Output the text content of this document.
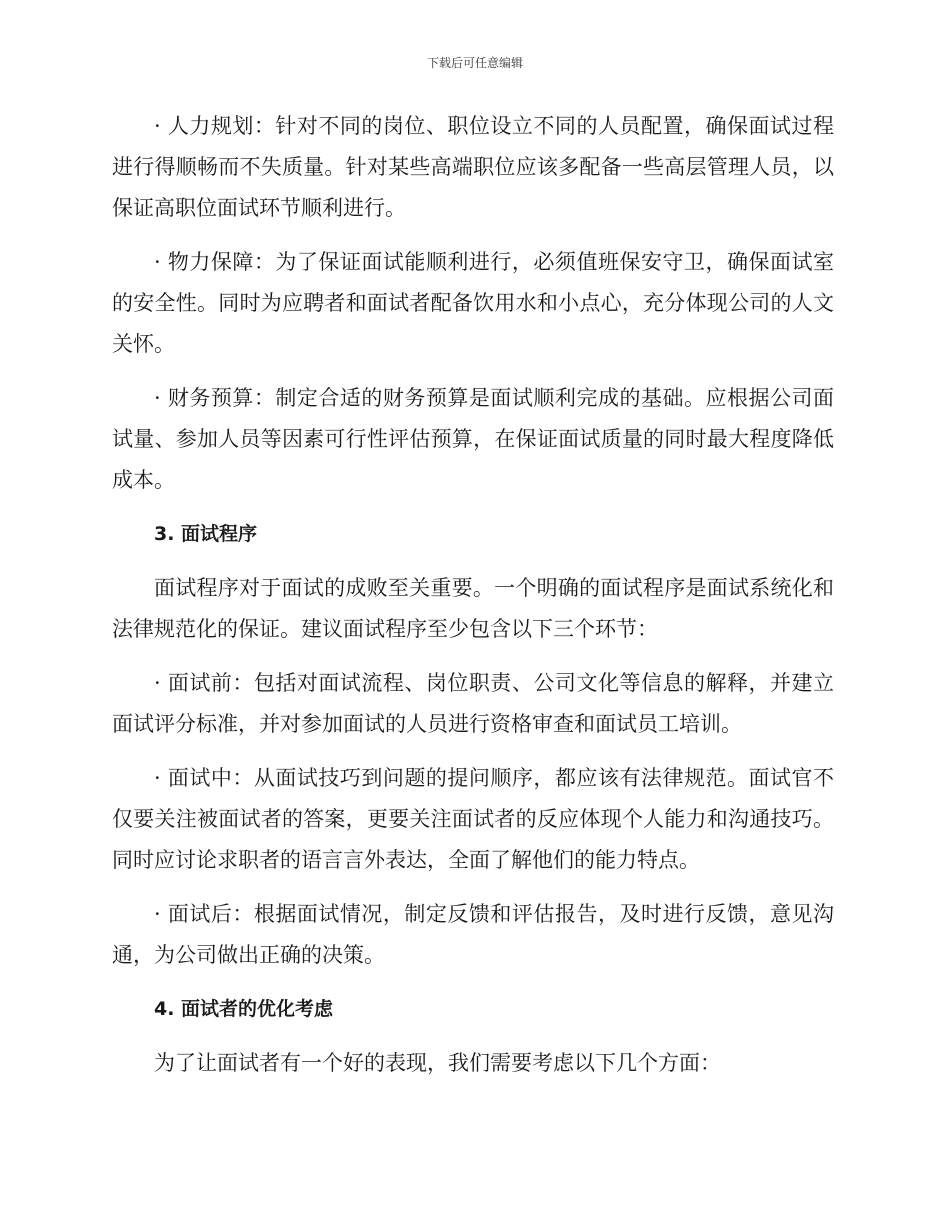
下载后可任意编辑

· 人力规划：针对不同的岗位、职位设立不同的人员配置，确保面试过程进行得顺畅而不失质量。针对某些高端职位应该多配备一些高层管理人员，以保证高职位面试环节顺利进行。

· 物力保障：为了保证面试能顺利进行，必须值班保安守卫，确保面试室的安全性。同时为应聘者和面试者配备饮用水和小点心，充分体现公司的人文关怀。

· 财务预算：制定合适的财务预算是面试顺利完成的基础。应根据公司面试量、参加人员等因素可行性评估预算，在保证面试质量的同时最大程度降低成本。

3. 面试程序

面试程序对于面试的成败至关重要。一个明确的面试程序是面试系统化和法律规范化的保证。建议面试程序至少包含以下三个环节：

· 面试前：包括对面试流程、岗位职责、公司文化等信息的解释，并建立面试评分标准，并对参加面试的人员进行资格审查和面试员工培训。

· 面试中：从面试技巧到问题的提问顺序，都应该有法律规范。面试官不仅要关注被面试者的答案，更要关注面试者的反应体现个人能力和沟通技巧。同时应讨论求职者的语言言外表达，全面了解他们的能力特点。

· 面试后：根据面试情况，制定反馈和评估报告，及时进行反馈，意见沟通，为公司做出正确的决策。

4. 面试者的优化考虑

为了让面试者有一个好的表现，我们需要考虑以下几个方面：
